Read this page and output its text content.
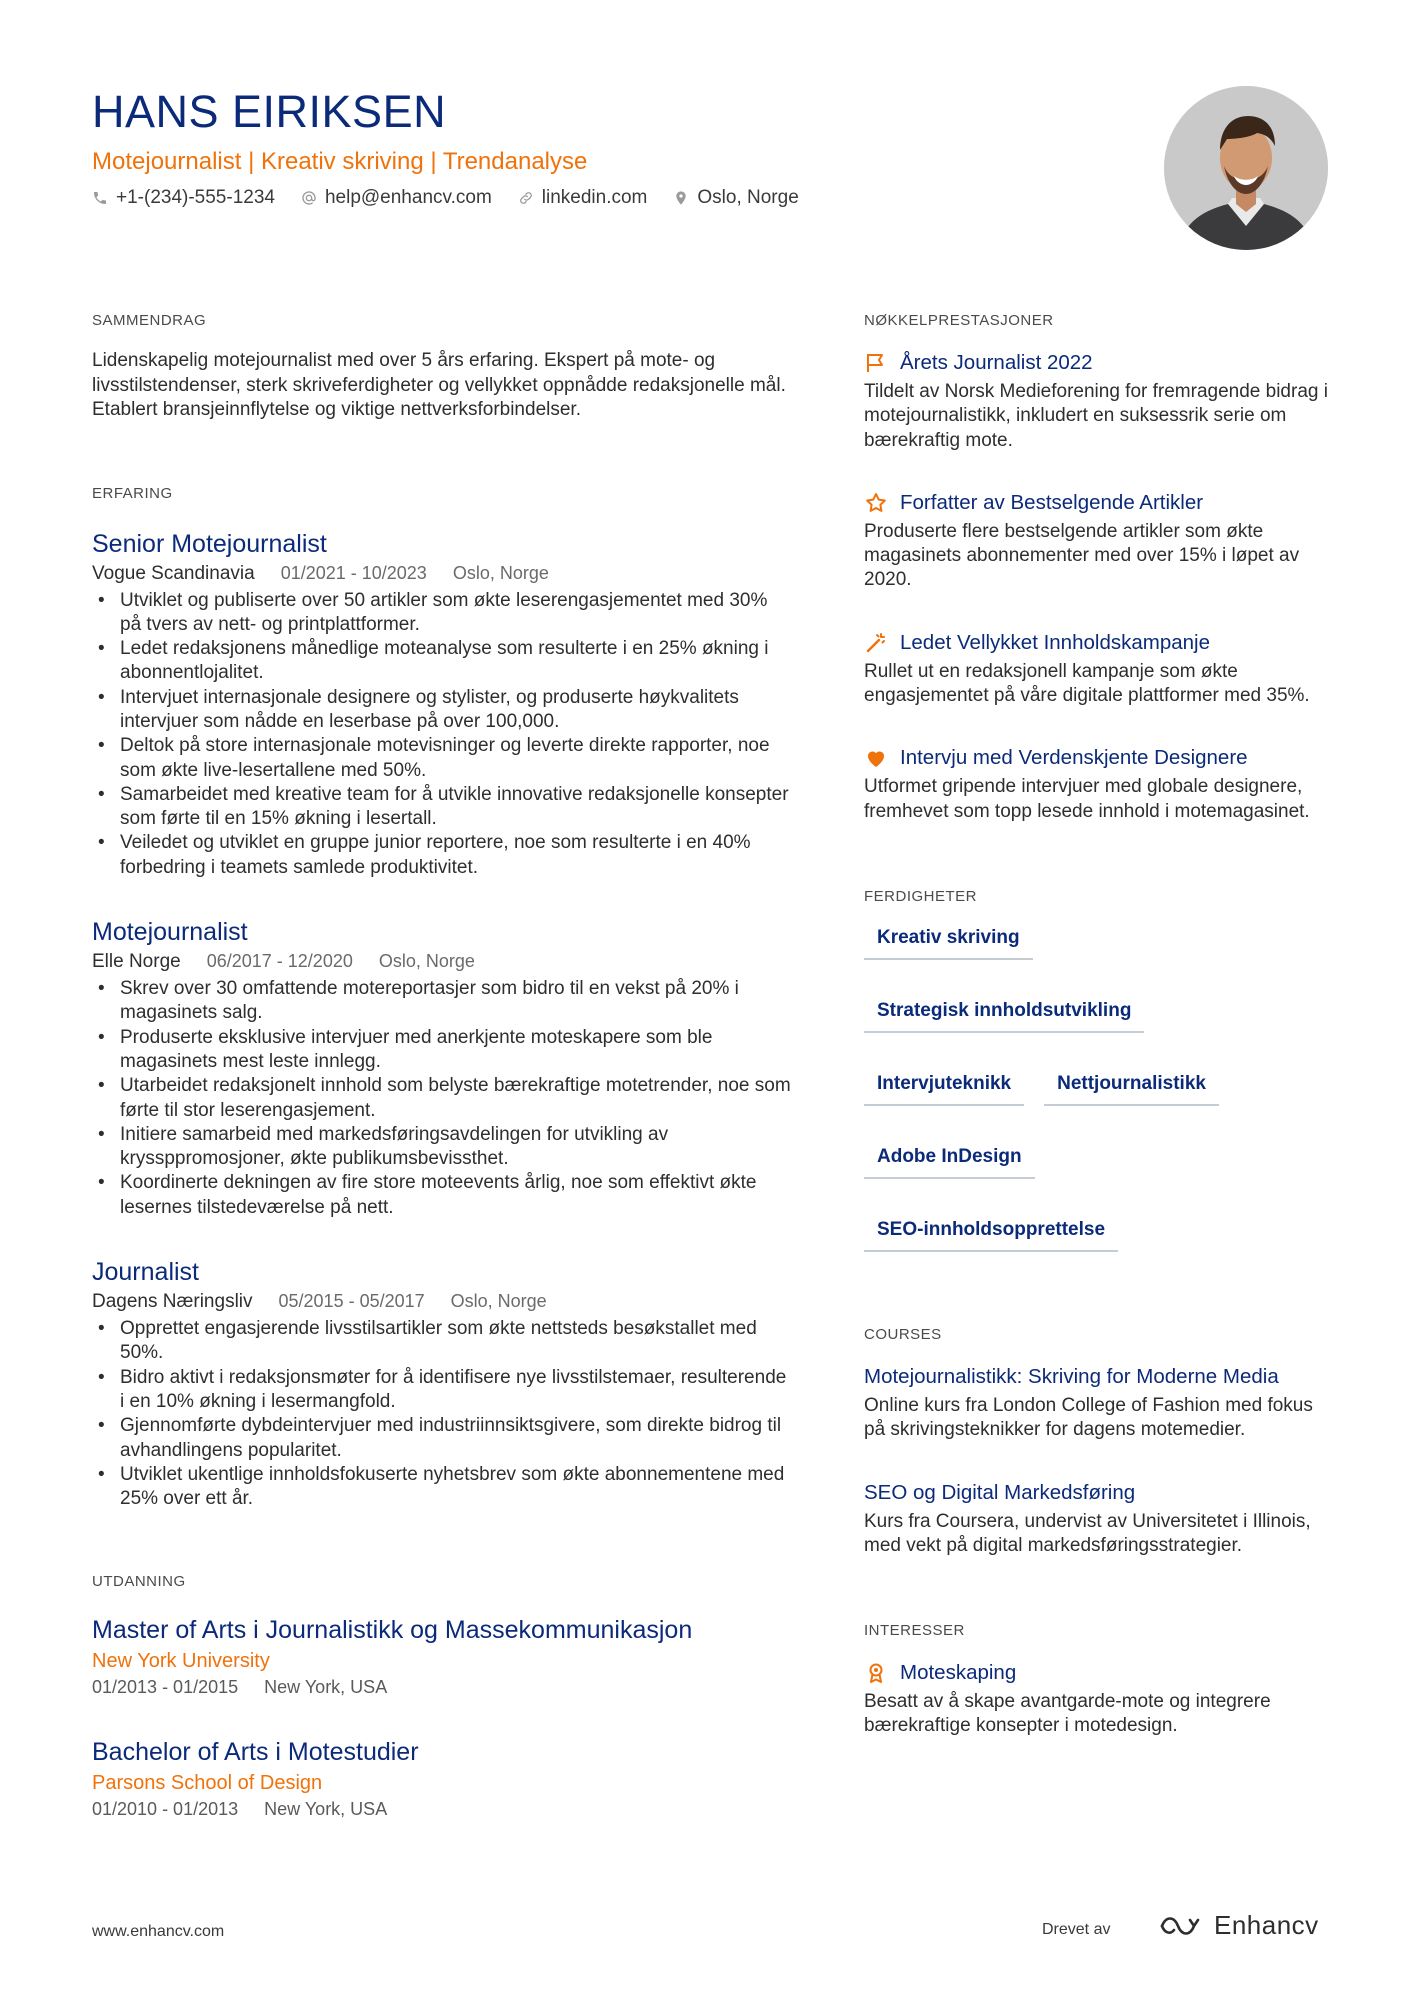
HANS EIRIKSEN
Motejournalist | Kreativ skriving | Trendanalyse
+1-(234)-555-1234	help@enhancv.com	linkedin.com	Oslo, Norge
SAMMENDRAG

Lidenskapelig motejournalist med over 5 års erfaring. Ekspert på mote- og livsstilstendenser, sterk skriveferdigheter og vellykket oppnådde redaksjonelle mål. Etablert bransjeinnflytelse og viktige nettverksforbindelser.

ERFARING
Senior Motejournalist
Vogue Scandinavia 01/2021 - 10/2023 Oslo, Norge
• Utviklet og publiserte over 50 artikler som økte leserengasjementet med 30% på tvers av nett- og printplattformer.
• Ledet redaksjonens månedlige moteanalyse som resulterte i en 25% økning i abonnentlojalitet.
• Intervjuet internasjonale designere og stylister, og produserte høykvalitets intervjuer som nådde en leserbase på over 100,000.
• Deltok på store internasjonale motevisninger og leverte direkte rapporter, noe som økte live-lesertallene med 50%.
• Samarbeidet med kreative team for å utvikle innovative redaksjonelle konsepter som førte til en 15% økning i lesertall.
• Veiledet og utviklet en gruppe junior reportere, noe som resulterte i en 40% forbedring i teamets samlede produktivitet.
Motejournalist
Elle Norge 06/2017 - 12/2020 Oslo, Norge
• Skrev over 30 omfattende motereportasjer som bidro til en vekst på 20% i magasinets salg.
• Produserte eksklusive intervjuer med anerkjente moteskapere som ble magasinets mest leste innlegg.
• Utarbeidet redaksjonelt innhold som belyste bærekraftige motetrender, noe som førte til stor leserengasjement.
• Initiere samarbeid med markedsføringsavdelingen for utvikling av kryssppromosjoner, økte publikumsbevissthet.
• Koordinerte dekningen av fire store moteevents årlig, noe som effektivt økte lesernes tilstedeværelse på nett.
Journalist
Dagens Næringsliv 05/2015 - 05/2017 Oslo, Norge
• Opprettet engasjerende livsstilsartikler som økte nettsteds besøkstallet med 50%.
• Bidro aktivt i redaksjonsmøter for å identifisere nye livsstilstemaer, resulterende i en 10% økning i lesermangfold.
• Gjennomførte dybdeintervjuer med industriinnsiktsgivere, som direkte bidrog til avhandlingens popularitet.
• Utviklet ukentlige innholdsfokuserte nyhetsbrev som økte abonnementene med 25% over ett år.
UTDANNING
Master of Arts i Journalistikk og Massekommunikasjon
New York University
01/2013 - 01/2015 New York, USA
Bachelor of Arts i Motestudier
Parsons School of Design
01/2010 - 01/2013 New York, USA
NØKKELPRESTASJONER
Årets Journalist 2022
Tildelt av Norsk Medieforening for fremragende bidrag i motejournalistikk, inkludert en suksessrik serie om bærekraftig mote.
Forfatter av Bestselgende Artikler
Produserte flere bestselgende artikler som økte magasinets abonnementer med over 15% i løpet av 2020.
Ledet Vellykket Innholdskampanje
Rullet ut en redaksjonell kampanje som økte engasjementet på våre digitale plattformer med 35%.
Intervju med Verdenskjente Designere
Utformet gripende intervjuer med globale designere, fremhevet som topp lesede innhold i motemagasinet.
FERDIGHETER
Kreativ skriving
Strategisk innholdsutvikling
Intervjuteknikk	Nettjournalistikk
Adobe InDesign
SEO-innholdsopprettelse
COURSES
Motejournalistikk: Skriving for Moderne Media
Online kurs fra London College of Fashion med fokus på skrivingsteknikker for dagens motemedier.
SEO og Digital Markedsføring
Kurs fra Coursera, undervist av Universitetet i Illinois, med vekt på digital markedsføringsstrategier.
INTERESSER
Moteskaping
Besatt av å skape avantgarde-mote og integrere bærekraftige konsepter i motedesign.
www.enhancv.com	Drevet av	Enhancv
